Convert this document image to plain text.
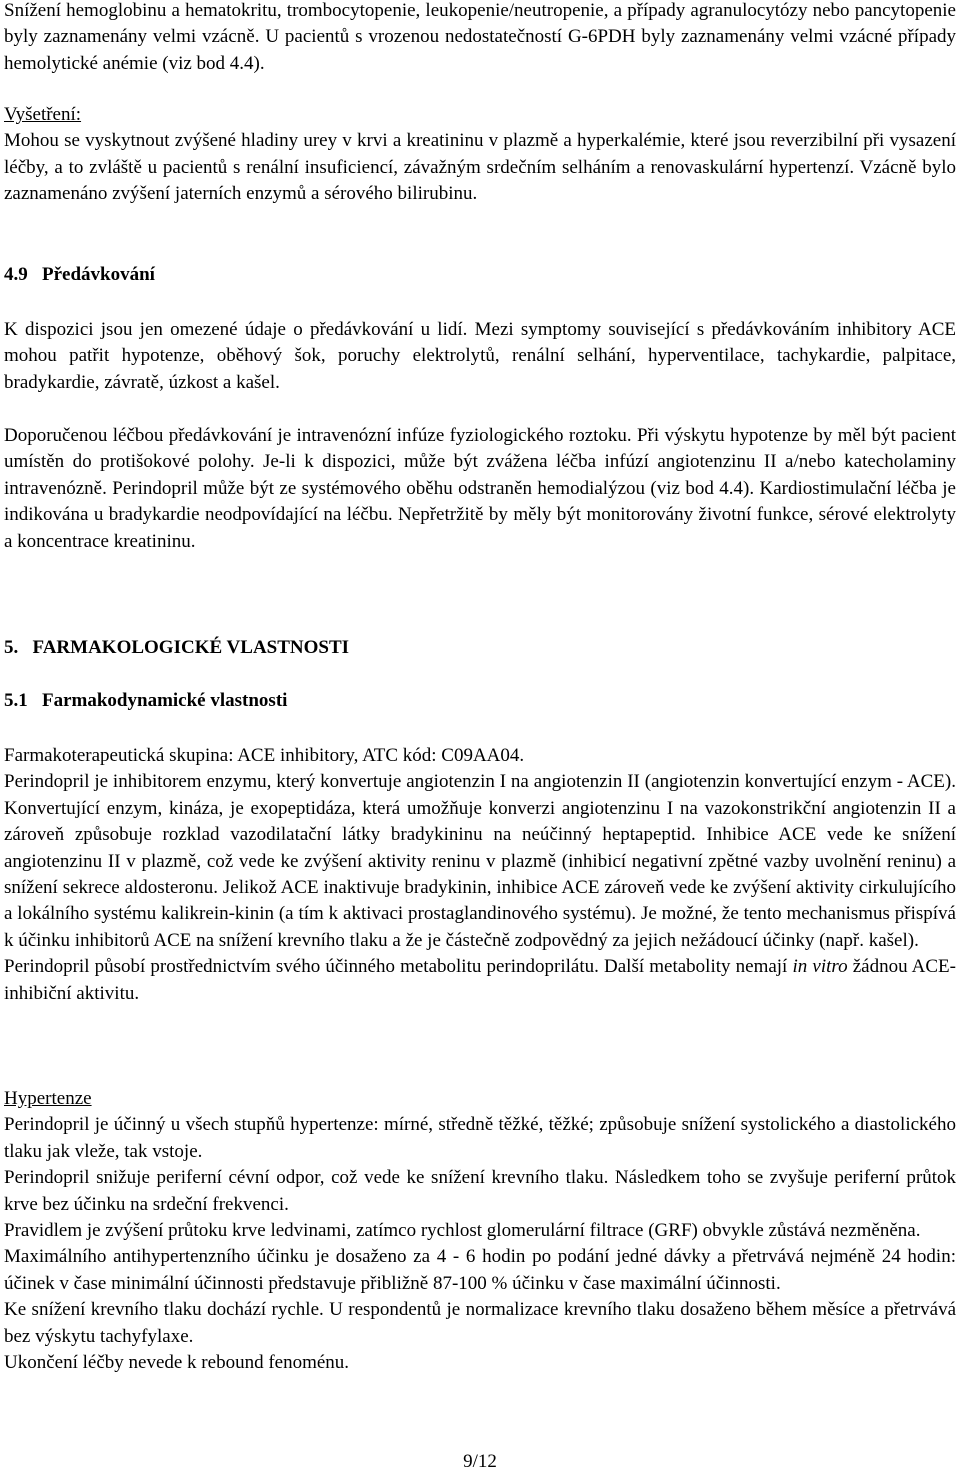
Snížení hemoglobinu a hematokritu, trombocytopenie, leukopenie/neutropenie, a případy agranulocytózy nebo pancytopenie byly zaznamenány velmi vzácně. U pacientů s vrozenou nedostatečností G-6PDH byly zaznamenány velmi vzácné případy hemolytické anémie (viz bod 4.4).

Vyšetření:

Mohou se vyskytnout zvýšené hladiny urey v krvi a kreatininu v plazmě a hyperkalémie, které jsou reverzibilní při vysazení léčby, a to zvláště u pacientů s renální insuficiencí, závažným srdečním selháním a renovaskulární hypertenzí. Vzácně bylo zaznamenáno zvýšení jaterních enzymů a sérového bilirubinu.

4.9   Předávkování

K dispozici jsou jen omezené údaje o předávkování u lidí. Mezi symptomy související s předávkováním inhibitory ACE mohou patřit hypotenze, oběhový šok, poruchy elektrolytů, renální selhání, hyperventilace, tachykardie, palpitace, bradykardie, závratě, úzkost a kašel.

Doporučenou léčbou předávkování je intravenózní infúze fyziologického roztoku. Při výskytu hypotenze by měl být pacient umístěn do protišokové polohy. Je-li k dispozici, může být zvážena léčba infúzí angiotenzinu II a/nebo katecholaminy intravenózně. Perindopril může být ze systémového oběhu odstraněn hemodialýzou (viz bod 4.4). Kardiostimulační léčba je indikována u bradykardie neodpovídající na léčbu. Nepřetržitě by měly být monitorovány životní funkce, sérové elektrolyty a koncentrace kreatininu.

5.   FARMAKOLOGICKÉ VLASTNOSTI

5.1   Farmakodynamické vlastnosti

Farmakoterapeutická skupina: ACE inhibitory, ATC kód: C09AA04.

Perindopril je inhibitorem enzymu, který konvertuje angiotenzin I na angiotenzin II (angiotenzin konvertující enzym - ACE). Konvertující enzym, kináza, je exopeptidáza, která umožňuje konverzi angiotenzinu I na vazokonstrikční angiotenzin II a zároveň způsobuje rozklad vazodilatační látky bradykininu na neúčinný heptapeptid. Inhibice ACE vede ke snížení angiotenzinu II v plazmě, což vede ke zvýšení aktivity reninu v plazmě (inhibicí negativní zpětné vazby uvolnění reninu) a snížení sekrece aldosteronu. Jelikož ACE inaktivuje bradykinin, inhibice ACE zároveň vede ke zvýšení aktivity cirkulujícího a lokálního systému kalikrein-kinin (a tím k aktivaci prostaglandinového systému). Je možné, že tento mechanismus přispívá k účinku inhibitorů ACE na snížení krevního tlaku a že je částečně zodpovědný za jejich nežádoucí účinky (např. kašel).

Perindopril působí prostřednictvím svého účinného metabolitu perindoprilátu. Další metabolity nemají in vitro žádnou ACE-inhibiční aktivitu.

Hypertenze

Perindopril je účinný u všech stupňů hypertenze: mírné, středně těžké, těžké; způsobuje snížení systolického a diastolického tlaku jak vleže, tak vstoje.

Perindopril snižuje periferní cévní odpor, což vede ke snížení krevního tlaku. Následkem toho se zvyšuje periferní průtok krve bez účinku na srdeční frekvenci.

Pravidlem je zvýšení průtoku krve ledvinami, zatímco rychlost glomerulární filtrace (GRF) obvykle zůstává nezměněna.

Maximálního antihypertenzního účinku je dosaženo za 4 - 6 hodin po podání jedné dávky a přetrvává nejméně 24 hodin: účinek v čase minimální účinnosti představuje přibližně 87-100 % účinku v čase maximální účinnosti.

Ke snížení krevního tlaku dochází rychle. U respondentů je normalizace krevního tlaku dosaženo během měsíce a přetrvává bez výskytu tachyfylaxe.

Ukončení léčby nevede k rebound fenoménu.

9/12
